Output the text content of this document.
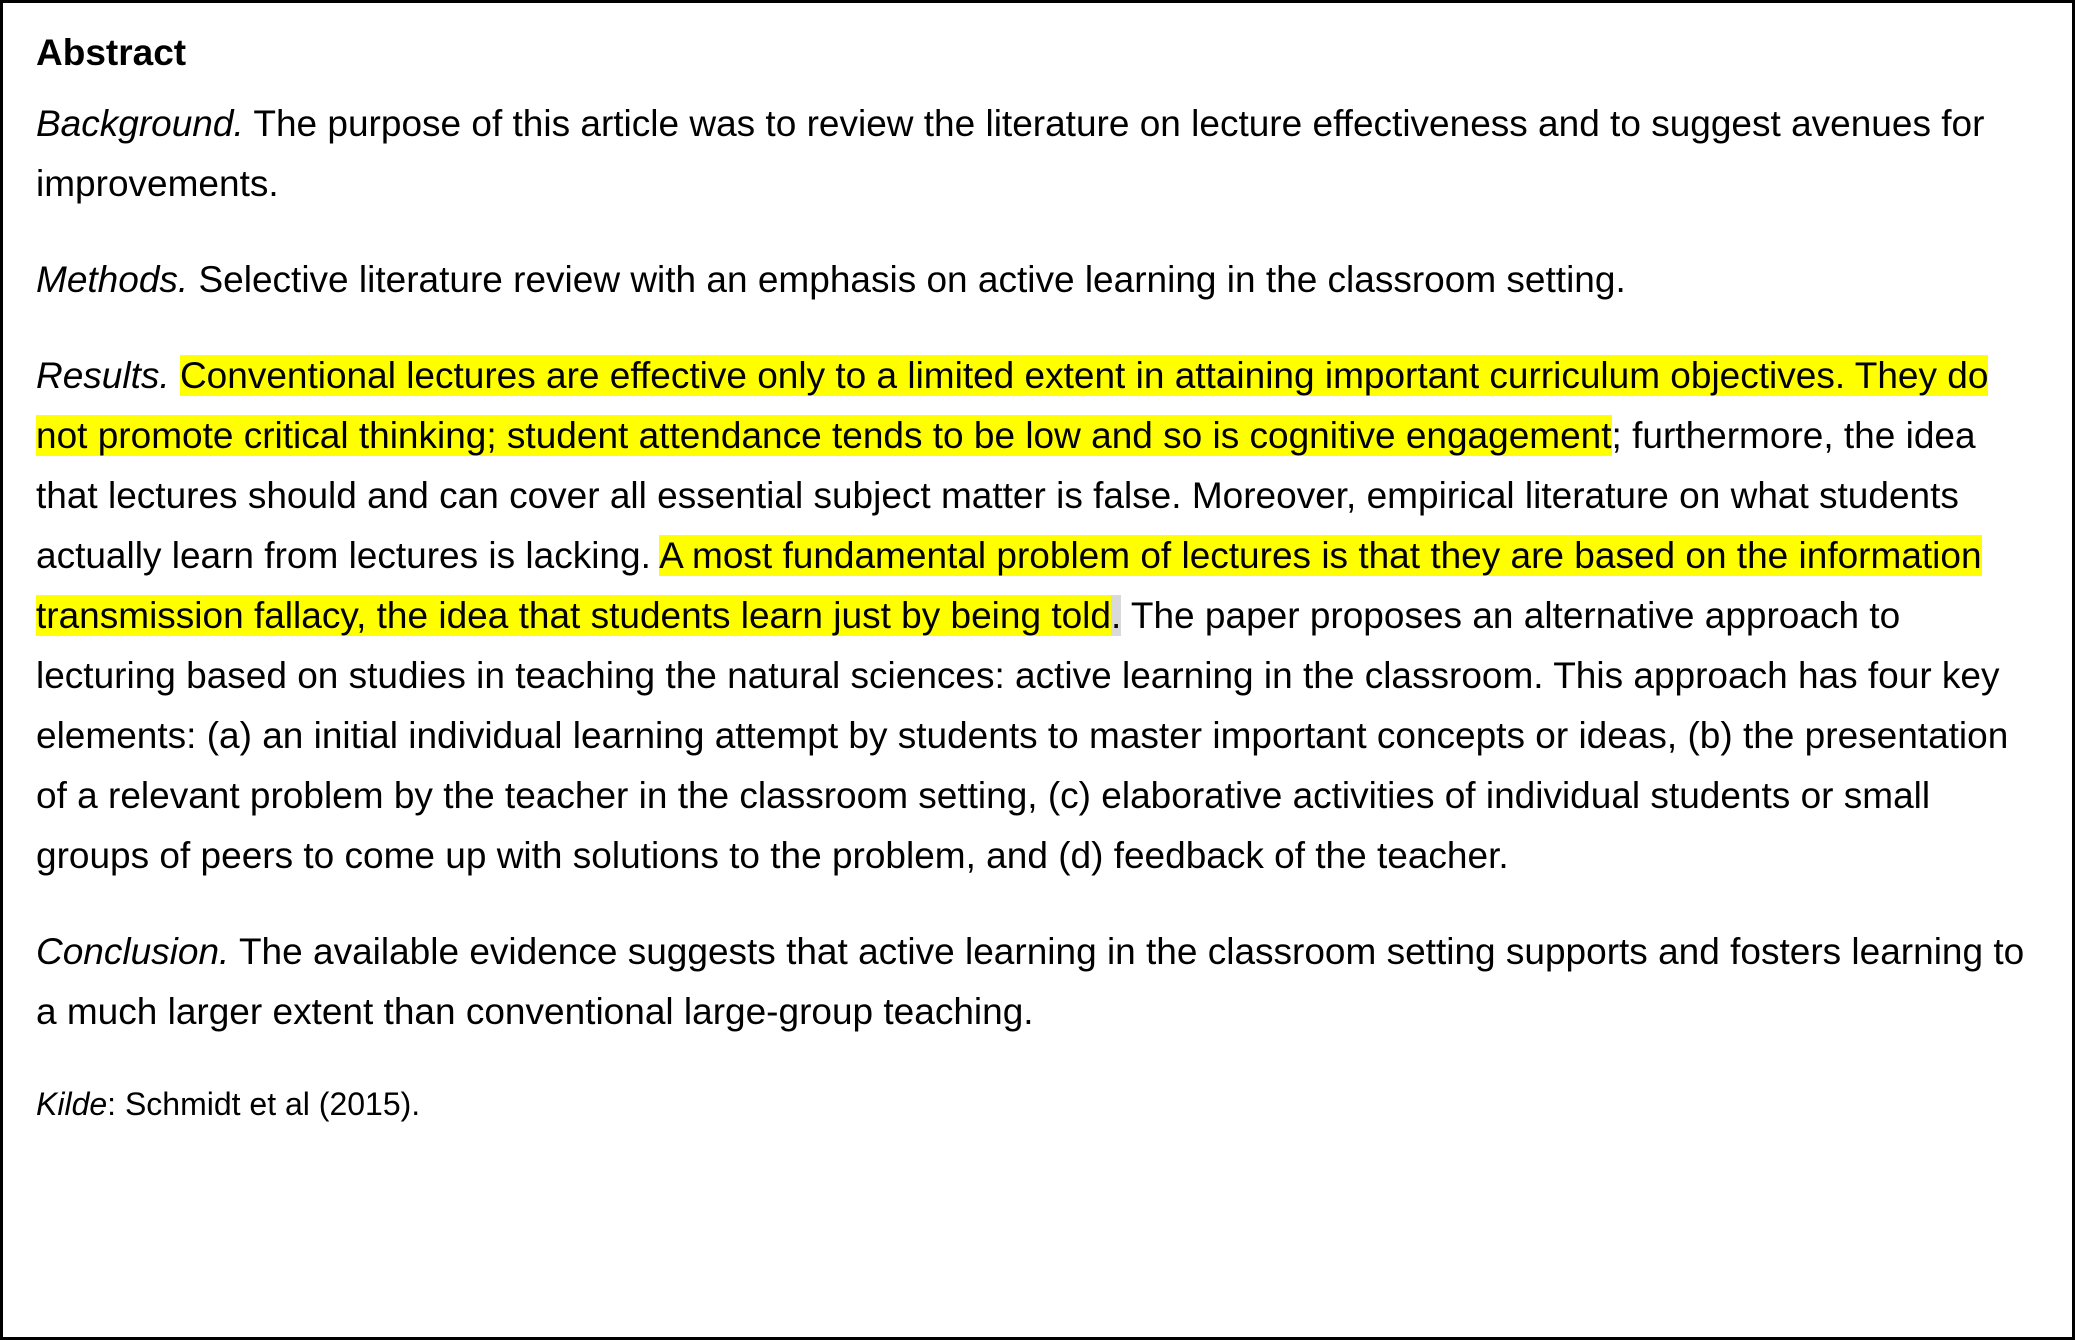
Abstract

Background. The purpose of this article was to review the literature on lecture effectiveness and to suggest avenues for improvements.

Methods. Selective literature review with an emphasis on active learning in the classroom setting.

Results. Conventional lectures are effective only to a limited extent in attaining important curriculum objectives. They do not promote critical thinking; student attendance tends to be low and so is cognitive engagement; furthermore, the idea that lectures should and can cover all essential subject matter is false. Moreover, empirical literature on what students actually learn from lectures is lacking. A most fundamental problem of lectures is that they are based on the information transmission fallacy, the idea that students learn just by being told. The paper proposes an alternative approach to lecturing based on studies in teaching the natural sciences: active learning in the classroom. This approach has four key elements: (a) an initial individual learning attempt by students to master important concepts or ideas, (b) the presentation of a relevant problem by the teacher in the classroom setting, (c) elaborative activities of individual students or small groups of peers to come up with solutions to the problem, and (d) feedback of the teacher.

Conclusion. The available evidence suggests that active learning in the classroom setting supports and fosters learning to a much larger extent than conventional large-group teaching.

Kilde: Schmidt et al (2015).
